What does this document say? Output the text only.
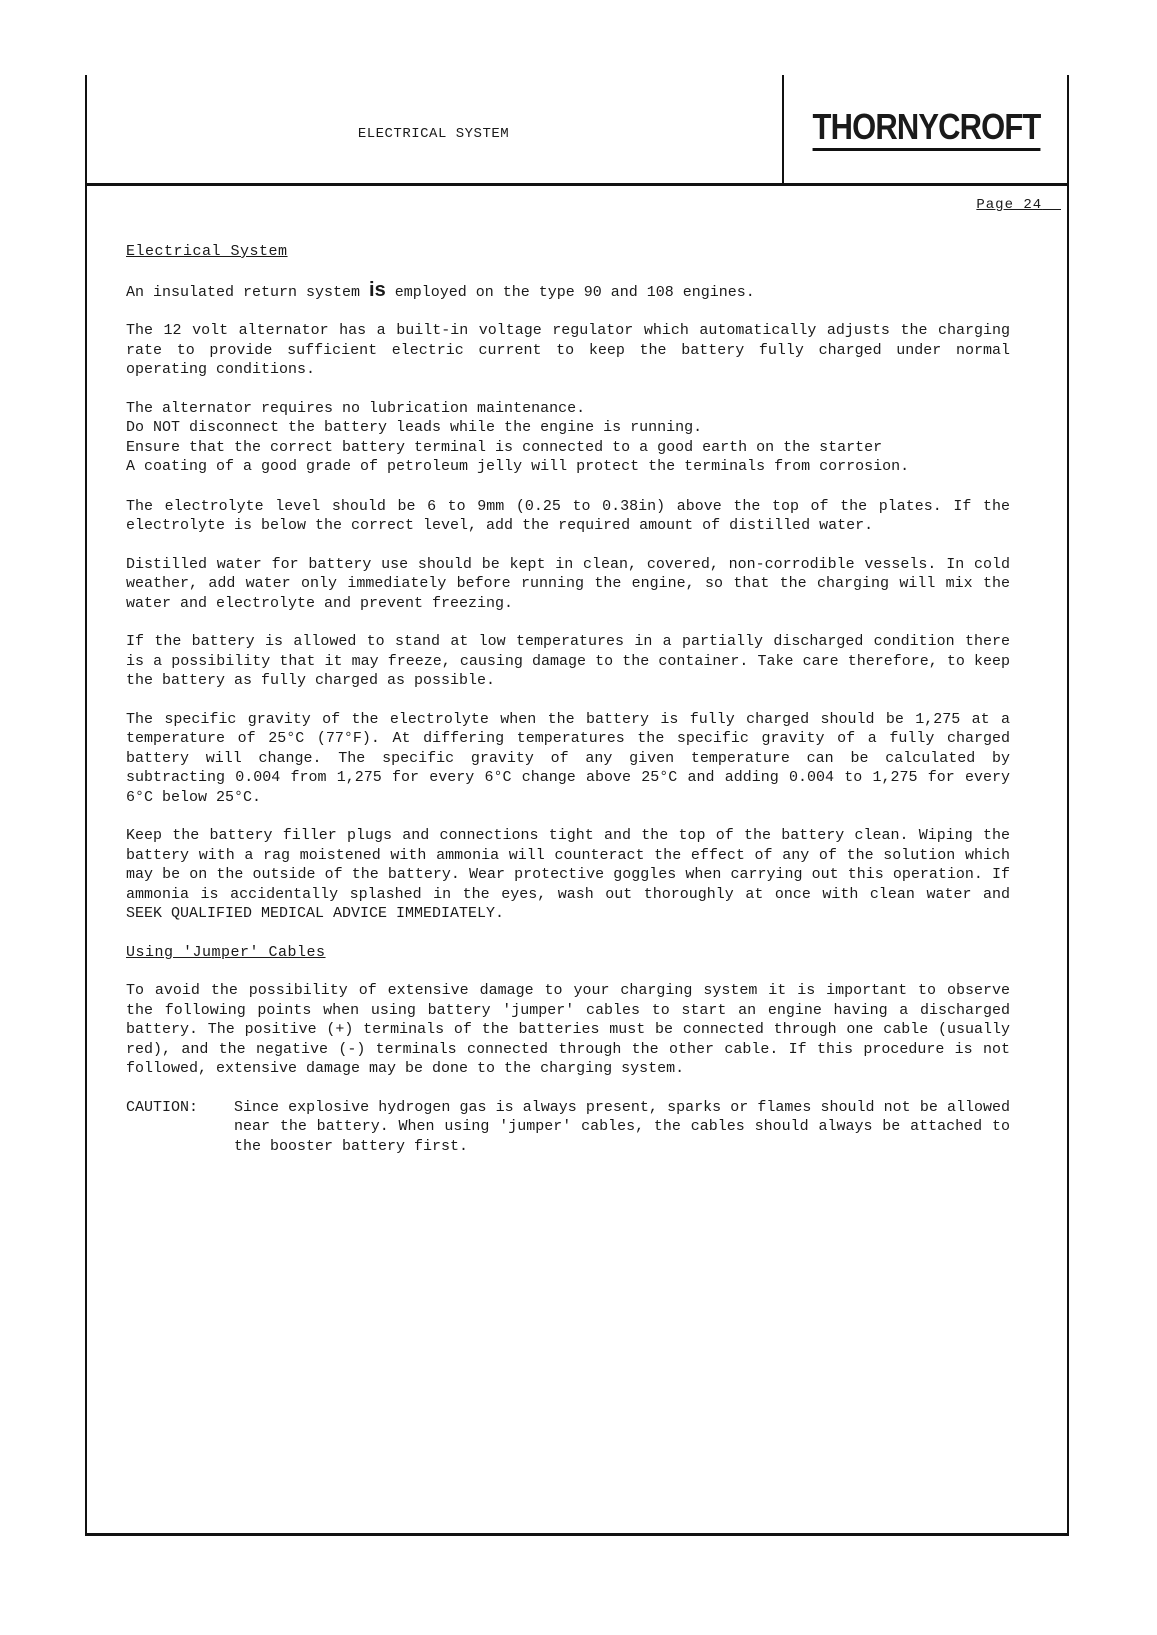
ELECTRICAL SYSTEM	THORNYCROFT
Page 24

Electrical System

An insulated return system is employed on the type 90 and 108 engines.

The 12 volt alternator has a built-in voltage regulator which automatically adjusts the charging rate to provide sufficient electric current to keep the battery fully charged under normal operating conditions.

The alternator requires no lubrication maintenance.

Do NOT disconnect the battery leads while the engine is running.

Ensure that the correct battery terminal is connected to a good earth on the starter

A coating of a good grade of petroleum jelly will protect the terminals from corrosion.

The electrolyte level should be 6 to 9mm (0.25 to 0.38in) above the top of the plates. If the electrolyte is below the correct level, add the required amount of distilled water.

Distilled water for battery use should be kept in clean, covered, non-corrodible vessels. In cold weather, add water only immediately before running the engine, so that the charging will mix the water and electrolyte and prevent freezing.

If the battery is allowed to stand at low temperatures in a partially discharged condition there is a possibility that it may freeze, causing damage to the container. Take care therefore, to keep the battery as fully charged as possible.

The specific gravity of the electrolyte when the battery is fully charged should be 1,275 at a temperature of 25°C (77°F). At differing temperatures the specific gravity of a fully charged battery will change. The specific gravity of any given temperature can be calculated by subtracting 0.004 from 1,275 for every 6°C change above 25°C and adding 0.004 to 1,275 for every 6°C below 25°C.

Keep the battery filler plugs and connections tight and the top of the battery clean. Wiping the battery with a rag moistened with ammonia will counteract the effect of any of the solution which may be on the outside of the battery. Wear protective goggles when carrying out this operation. If ammonia is accidentally splashed in the eyes, wash out thoroughly at once with clean water and SEEK QUALIFIED MEDICAL ADVICE IMMEDIATELY.

Using 'Jumper' Cables

To avoid the possibility of extensive damage to your charging system it is important to observe the following points when using battery 'jumper' cables to start an engine having a discharged battery. The positive (+) terminals of the batteries must be connected through one cable (usually red), and the negative (-) terminals connected through the other cable. If this procedure is not followed, extensive damage may be done to the charging system.

CAUTION:	Since explosive hydrogen gas is always present, sparks or flames should not be allowed near the battery. When using 'jumper' cables, the cables should always be attached to the booster battery first.
